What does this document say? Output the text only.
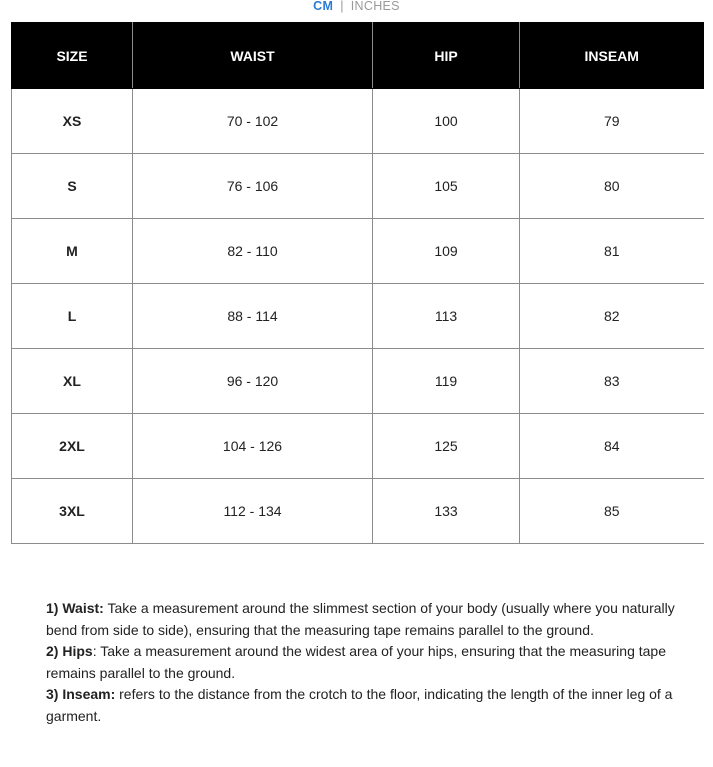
CM | INCHES
SIZE	WAIST	HIP	INSEAM
XS	70 - 102	100	79
S	76 - 106	105	80
M	82 - 110	109	81
L	88 - 114	113	82
XL	96 - 120	119	83
2XL	104 - 126	125	84
3XL	112 - 134	133	85

1) Waist: Take a measurement around the slimmest section of your body (usually where you naturally bend from side to side), ensuring that the measuring tape remains parallel to the ground.

2) Hips: Take a measurement around the widest area of your hips, ensuring that the measuring tape remains parallel to the ground.

3) Inseam: refers to the distance from the crotch to the floor, indicating the length of the inner leg of a garment.
